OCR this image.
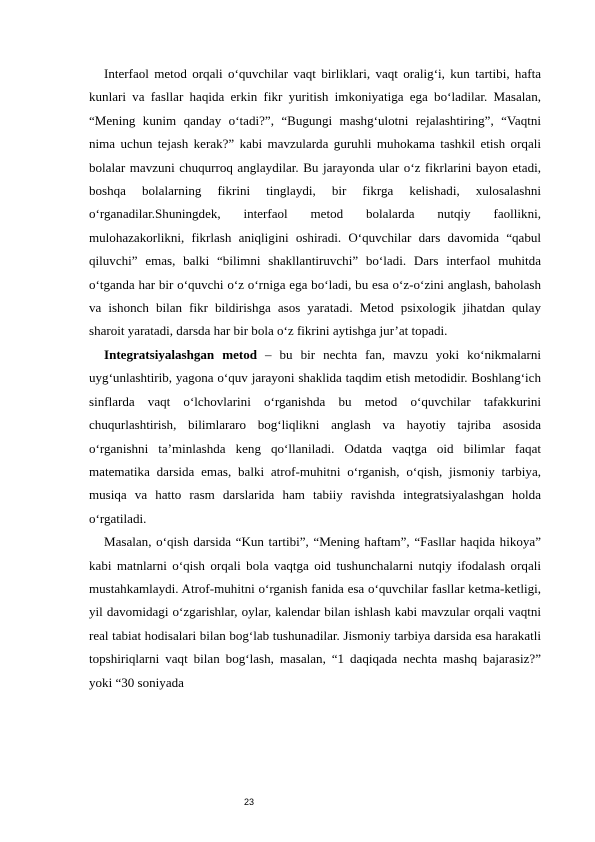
Interfaol metod orqali o‘quvchilar vaqt birliklari, vaqt oralig‘i, kun tartibi, hafta kunlari va fasllar haqida erkin fikr yuritish imkoniyatiga ega bo‘ladilar. Masalan, “Mening kunim qanday o‘tadi?”, “Bugungi mashg‘ulotni rejalashtiring”, “Vaqtni nima uchun tejash kerak?” kabi mavzularda guruhli muhokama tashkil etish orqali bolalar mavzuni chuqurroq anglaydilar. Bu jarayonda ular o‘z fikrlarini bayon etadi, boshqa bolalarning fikrini tinglaydi, bir fikrga kelishadi, xulosalashni o‘rganadilar.Shuningdek, interfaol metod bolalarda nutqiy faollikni, mulohazakorlikni, fikrlash aniqligini oshiradi. O‘quvchilar dars davomida “qabul qiluvchi” emas, balki “bilimni shakllantiruvchi” bo‘ladi. Dars interfaol muhitda o‘tganda har bir o‘quvchi o‘z o‘rniga ega bo‘ladi, bu esa o‘z-o‘zini anglash, baholash va ishonch bilan fikr bildirishga asos yaratadi. Metod psixologik jihatdan qulay sharoit yaratadi, darsda har bir bola o‘z fikrini aytishga jur’at topadi.

Integratsiyalashgan metod – bu bir nechta fan, mavzu yoki ko‘nikmalarni uyg‘unlashtirib, yagona o‘quv jarayoni shaklida taqdim etish metodidir. Boshlang‘ich sinflarda vaqt o‘lchovlarini o‘rganishda bu metod o‘quvchilar tafakkurini chuqurlashtirish, bilimlararo bog‘liqlikni anglash va hayotiy tajriba asosida o‘rganishni ta’minlashda keng qo‘llaniladi. Odatda vaqtga oid bilimlar faqat matematika darsida emas, balki atrof-muhitni o‘rganish, o‘qish, jismoniy tarbiya, musiqa va hatto rasm darslarida ham tabiiy ravishda integratsiyalashgan holda o‘rgatiladi.

Masalan, o‘qish darsida “Kun tartibi”, “Mening haftam”, “Fasllar haqida hikoya” kabi matnlarni o‘qish orqali bola vaqtga oid tushunchalarni nutqiy ifodalash orqali mustahkamlaydi. Atrof-muhitni o‘rganish fanida esa o‘quvchilar fasllar ketma-ketligi, yil davomidagi o‘zgarishlar, oylar, kalendar bilan ishlash kabi mavzular orqali vaqtni real tabiat hodisalari bilan bog‘lab tushunadilar. Jismoniy tarbiya darsida esa harakatli topshiriqlarni vaqt bilan bog‘lash, masalan, “1 daqiqada nechta mashq bajarasiz?” yoki “30 soniyada

23
